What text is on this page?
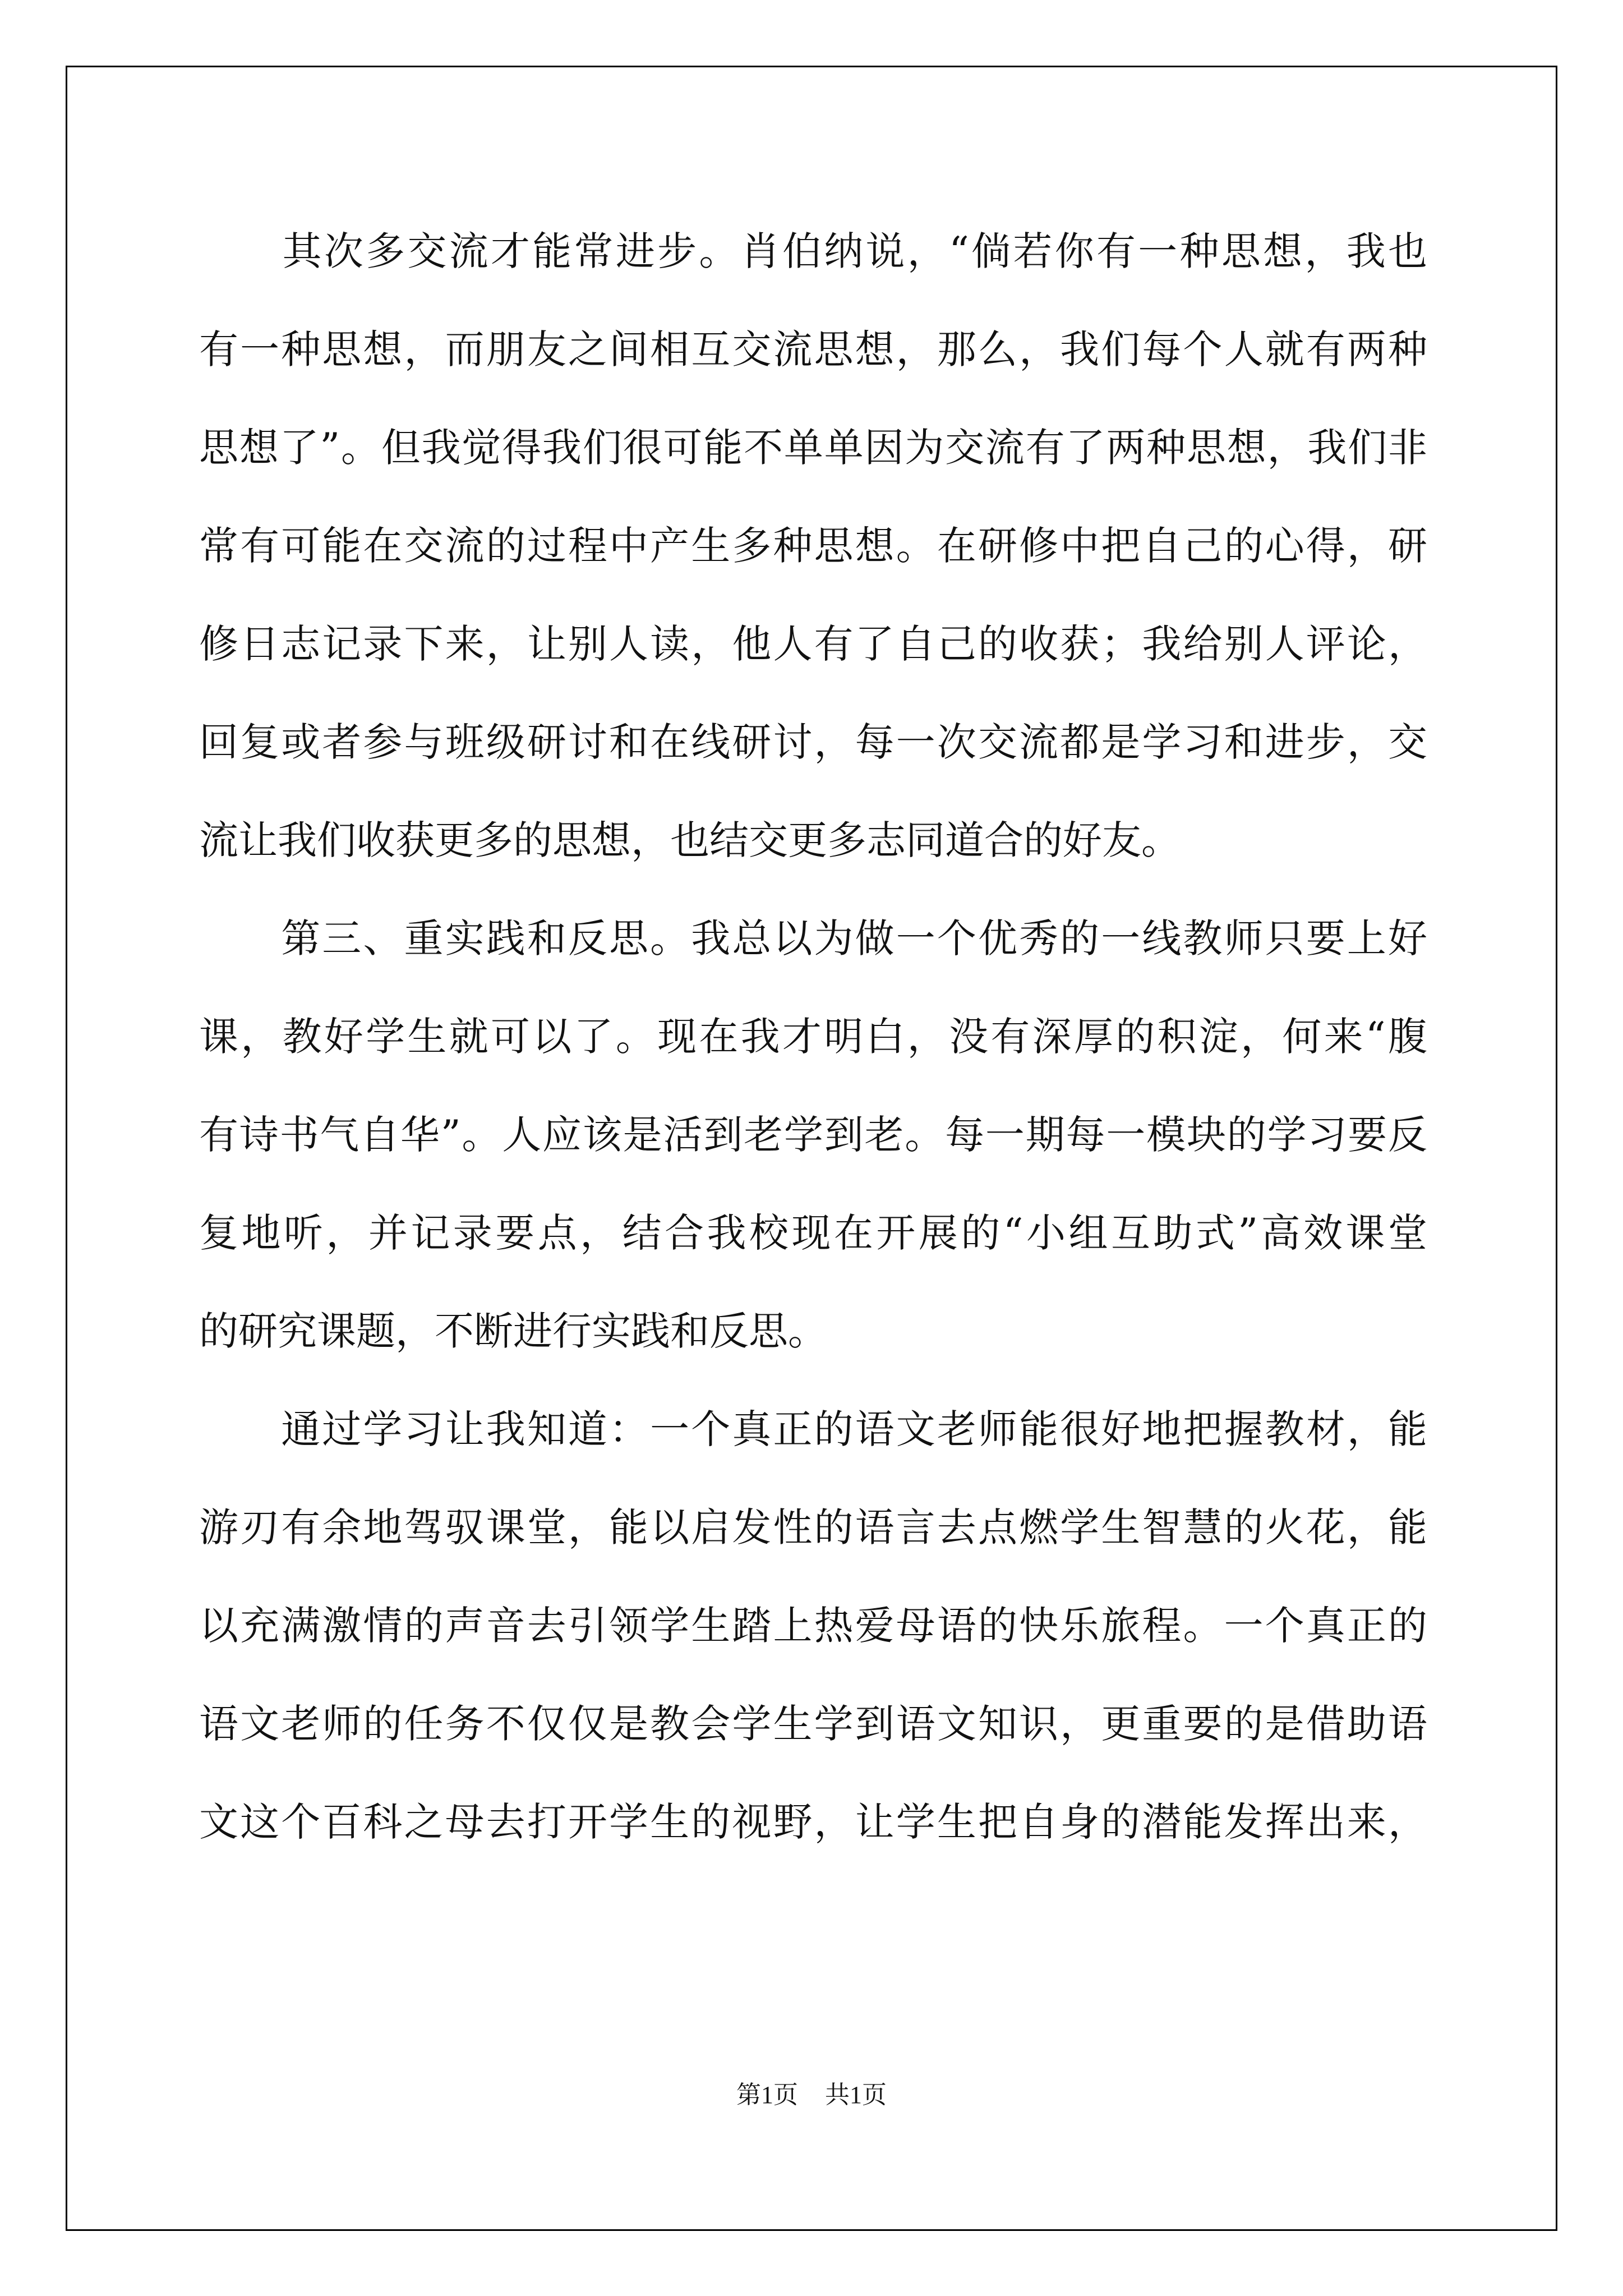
　　其次多交流才能常进步。肖伯纳说，“倘若你有一种思想，我也
有一种思想，而朋友之间相互交流思想，那么，我们每个人就有两种
思想了”。但我觉得我们很可能不单单因为交流有了两种思想，我们非
常有可能在交流的过程中产生多种思想。在研修中把自己的心得，研
修日志记录下来，让别人读，他人有了自己的收获；我给别人评论，
回复或者参与班级研讨和在线研讨，每一次交流都是学习和进步，交
流让我们收获更多的思想，也结交更多志同道合的好友。
　　第三、重实践和反思。我总以为做一个优秀的一线教师只要上好
课，教好学生就可以了。现在我才明白，没有深厚的积淀，何来“腹
有诗书气自华”。人应该是活到老学到老。每一期每一模块的学习要反
复地听，并记录要点，结合我校现在开展的“小组互助式”高效课堂
的研究课题，不断进行实践和反思。
　　通过学习让我知道：一个真正的语文老师能很好地把握教材，能
游刃有余地驾驭课堂，能以启发性的语言去点燃学生智慧的火花，能
以充满激情的声音去引领学生踏上热爱母语的快乐旅程。一个真正的
语文老师的任务不仅仅是教会学生学到语文知识，更重要的是借助语
文这个百科之母去打开学生的视野，让学生把自身的潜能发挥出来，
第1页 共1页
